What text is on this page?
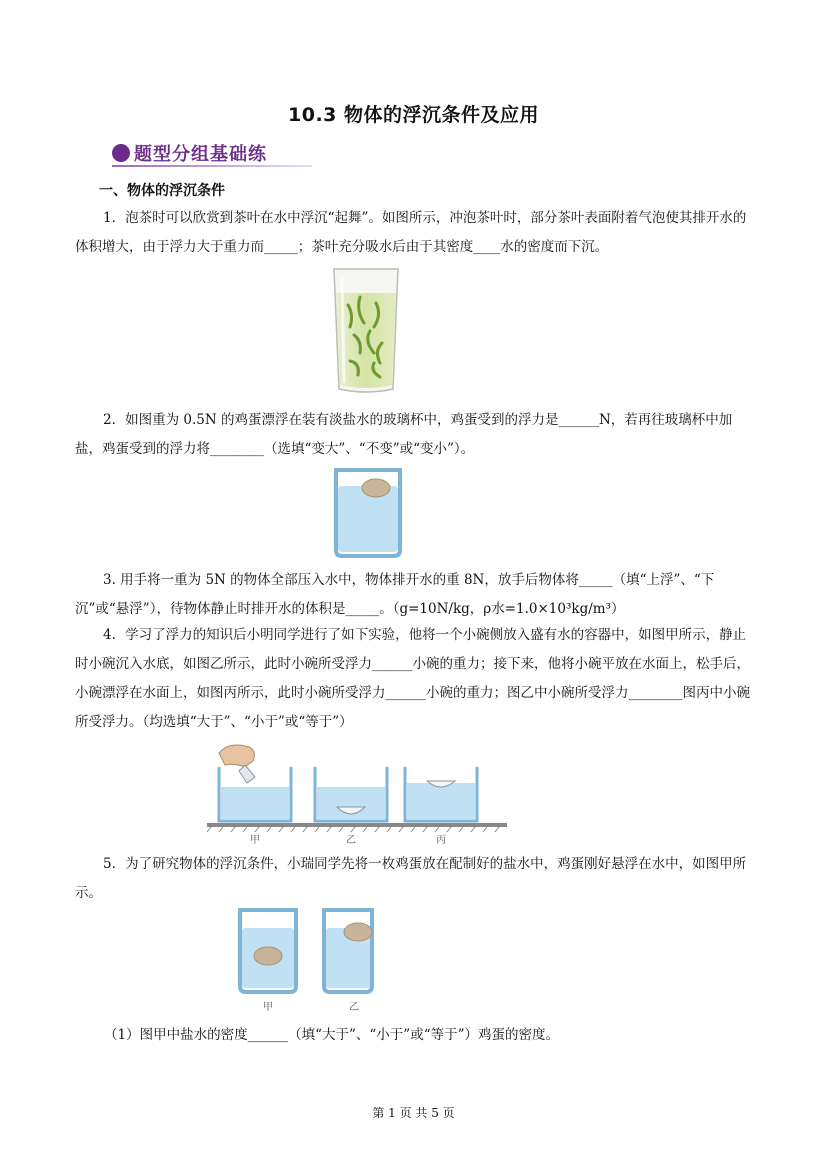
10.3 物体的浮沉条件及应用
题型分组基础练
一、物体的浮沉条件
1．泡茶时可以欣赏到茶叶在水中浮沉“起舞”。如图所示，冲泡茶叶时，部分茶叶表面附着气泡使其排开水的体积增大，由于浮力大于重力而_____；茶叶充分吸水后由于其密度____水的密度而下沉。
2．如图重为 0.5N 的鸡蛋漂浮在装有淡盐水的玻璃杯中，鸡蛋受到的浮力是______N，若再往玻璃杯中加盐，鸡蛋受到的浮力将________（选填“变大”、“不变”或“变小”）。
3. 用手将一重为 5N 的物体全部压入水中，物体排开水的重 8N，放手后物体将_____（填“上浮”、“下沉”或“悬浮”），待物体静止时排开水的体积是_____。（g=10N/kg，ρ水=1.0×10³kg/m³）
4．学习了浮力的知识后小明同学进行了如下实验，他将一个小碗侧放入盛有水的容器中，如图甲所示，静止时小碗沉入水底，如图乙所示，此时小碗所受浮力______小碗的重力；接下来，他将小碗平放在水面上，松手后，小碗漂浮在水面上，如图丙所示，此时小碗所受浮力______小碗的重力；图乙中小碗所受浮力________图丙中小碗所受浮力。（均选填“大于”、“小于”或“等于”）
甲	乙	丙
5．为了研究物体的浮沉条件，小瑞同学先将一枚鸡蛋放在配制好的盐水中，鸡蛋刚好悬浮在水中，如图甲所示。
甲	乙
（1）图甲中盐水的密度______（填“大于”、“小于”或“等于”）鸡蛋的密度。
第 1 页 共 5 页
